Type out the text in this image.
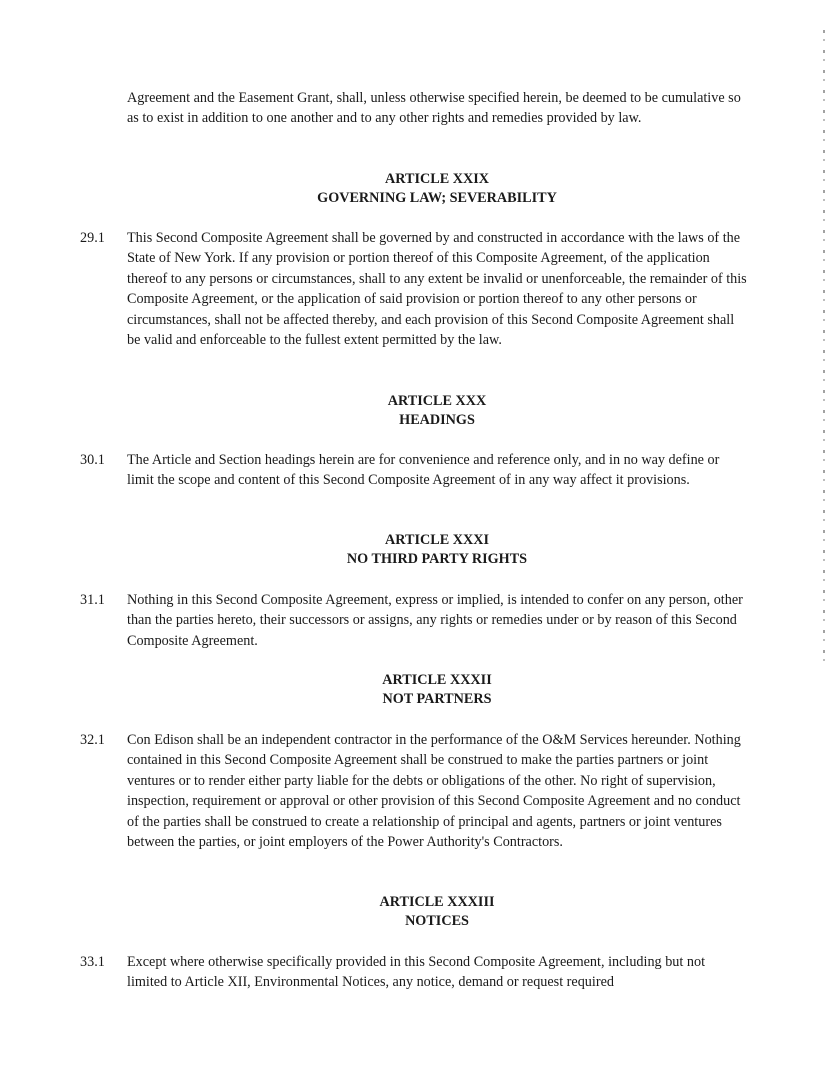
Agreement and the Easement Grant, shall, unless otherwise specified herein, be deemed to be cumulative so as to exist in addition to one another and to any other rights and remedies provided by law.

ARTICLE XXIX
GOVERNING LAW; SEVERABILITY
29.1 This Second Composite Agreement shall be governed by and constructed in accordance with the laws of the State of New York. If any provision or portion thereof of this Composite Agreement, of the application thereof to any persons or circumstances, shall to any extent be invalid or unenforceable, the remainder of this Composite Agreement, or the application of said provision or portion thereof to any other persons or circumstances, shall not be affected thereby, and each provision of this Second Composite Agreement shall be valid and enforceable to the fullest extent permitted by the law.

ARTICLE XXX
HEADINGS
30.1 The Article and Section headings herein are for convenience and reference only, and in no way define or limit the scope and content of this Second Composite Agreement of in any way affect it provisions.

ARTICLE XXXI
NO THIRD PARTY RIGHTS
31.1 Nothing in this Second Composite Agreement, express or implied, is intended to confer on any person, other than the parties hereto, their successors or assigns, any rights or remedies under or by reason of this Second Composite Agreement.

ARTICLE XXXII
NOT PARTNERS
32.1 Con Edison shall be an independent contractor in the performance of the O&M Services hereunder. Nothing contained in this Second Composite Agreement shall be construed to make the parties partners or joint ventures or to render either party liable for the debts or obligations of the other. No right of supervision, inspection, requirement or approval or other provision of this Second Composite Agreement and no conduct of the parties shall be construed to create a relationship of principal and agents, partners or joint ventures between the parties, or joint employers of the Power Authority's Contractors.

ARTICLE XXXIII
NOTICES
33.1 Except where otherwise specifically provided in this Second Composite Agreement, including but not limited to Article XII, Environmental Notices, any notice, demand or request required
